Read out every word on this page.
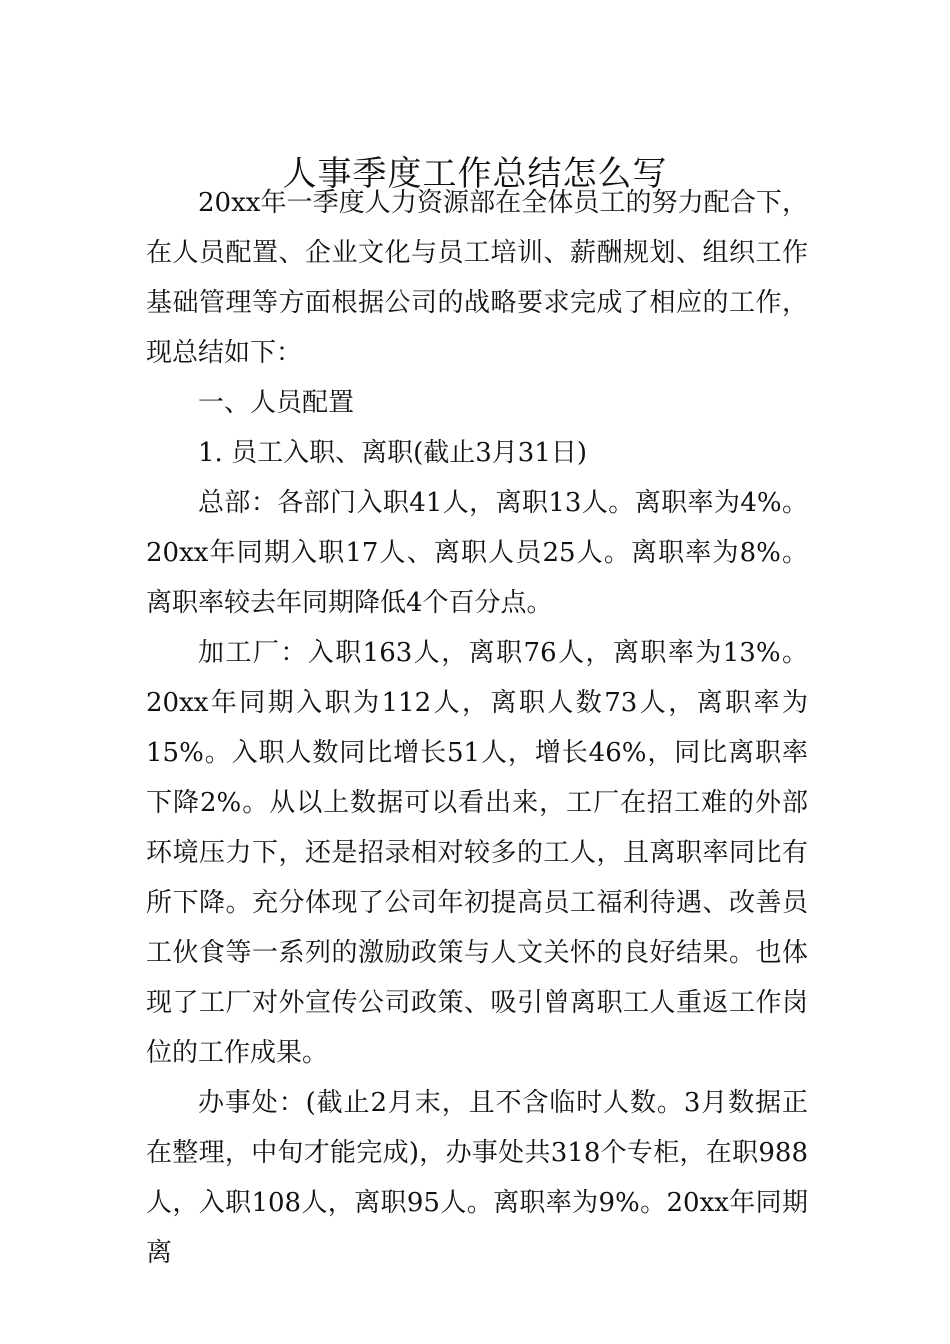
人事季度工作总结怎么写

20xx年一季度人力资源部在全体员工的努力配合下，在人员配置、企业文化与员工培训、薪酬规划、组织工作基础管理等方面根据公司的战略要求完成了相应的工作，现总结如下：

一、人员配置

1. 员工入职、离职(截止3月31日)

总部：各部门入职41人，离职13人。离职率为4%。20xx年同期入职17人、离职人员25人。离职率为8%。离职率较去年同期降低4个百分点。

加工厂：入职163人，离职76人，离职率为13%。20xx年同期入职为112人，离职人数73人，离职率为15%。入职人数同比增长51人，增长46%，同比离职率下降2%。从以上数据可以看出来，工厂在招工难的外部环境压力下，还是招录相对较多的工人，且离职率同比有所下降。充分体现了公司年初提高员工福利待遇、改善员工伙食等一系列的激励政策与人文关怀的良好结果。也体现了工厂对外宣传公司政策、吸引曾离职工人重返工作岗位的工作成果。

办事处：(截止2月末，且不含临时人数。3月数据正在整理，中旬才能完成)，办事处共318个专柜，在职988人，入职108人，离职95人。离职率为9%。20xx年同期离
